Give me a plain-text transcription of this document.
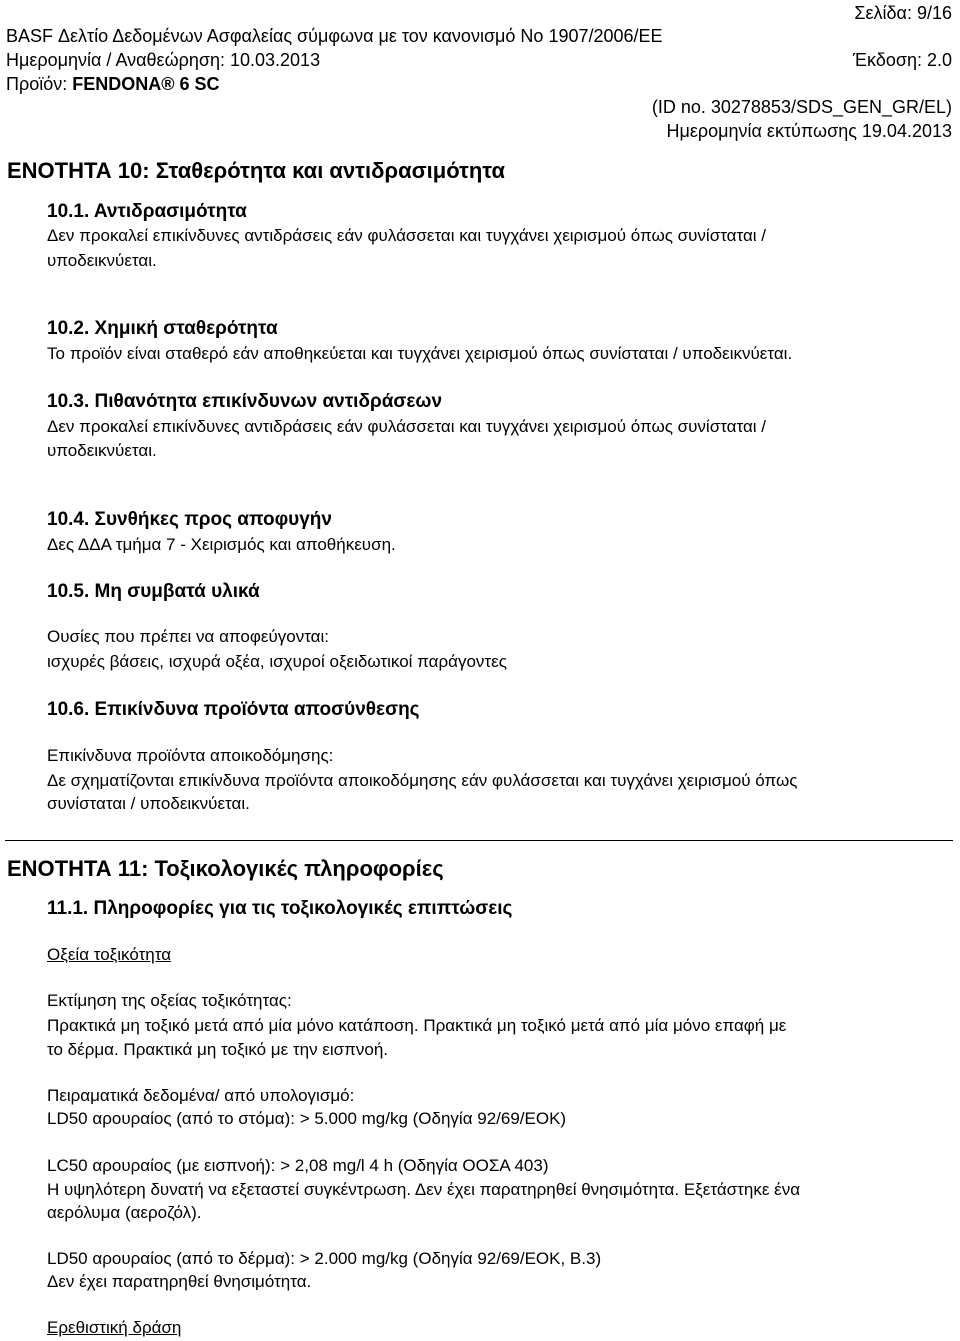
Σελίδα: 9/16
BASF Δελτίο Δεδομένων Ασφαλείας σύμφωνα με τον κανονισμό Νο 1907/2006/ΕΕ
Ημερομηνία / Αναθεώρηση: 10.03.2013	Έκδοση: 2.0
Προϊόν: FENDONA® 6 SC
(ID no. 30278853/SDS_GEN_GR/EL)
Ημερομηνία εκτύπωσης 19.04.2013
ΕΝΟΤΗΤΑ 10: Σταθερότητα και αντιδρασιμότητα
10.1. Αντιδρασιμότητα
Δεν προκαλεί επικίνδυνες αντιδράσεις εάν φυλάσσεται και τυγχάνει χειρισμού όπως συνίσταται /
υποδεικνύεται.
10.2. Χημική σταθερότητα
Το προϊόν είναι σταθερό εάν αποθηκεύεται και τυγχάνει χειρισμού όπως συνίσταται / υποδεικνύεται.
10.3. Πιθανότητα επικίνδυνων αντιδράσεων
Δεν προκαλεί επικίνδυνες αντιδράσεις εάν φυλάσσεται και τυγχάνει χειρισμού όπως συνίσταται /
υποδεικνύεται.
10.4. Συνθήκες προς αποφυγήν
Δες ΔΔΑ τμήμα 7 - Χειρισμός και αποθήκευση.
10.5. Μη συμβατά υλικά
Ουσίες που πρέπει να αποφεύγονται:
ισχυρές βάσεις, ισχυρά οξέα, ισχυροί οξειδωτικοί παράγοντες
10.6. Επικίνδυνα προϊόντα αποσύνθεσης
Επικίνδυνα προϊόντα αποικοδόμησης:
Δε σχηματίζονται επικίνδυνα προϊόντα αποικοδόμησης εάν φυλάσσεται και τυγχάνει χειρισμού όπως
συνίσταται / υποδεικνύεται.
ΕΝΟΤΗΤΑ 11: Τοξικολογικές πληροφορίες
11.1. Πληροφορίες για τις τοξικολογικές επιπτώσεις
Οξεία τοξικότητα
Εκτίμηση της οξείας τοξικότητας:
Πρακτικά μη τοξικό μετά από μία μόνο κατάποση. Πρακτικά μη τοξικό μετά από μία μόνο επαφή με
το δέρμα. Πρακτικά μη τοξικό με την εισπνοή.
Πειραματικά δεδομένα/ από υπολογισμό:
LD50 αρουραίος (από το στόμα): > 5.000 mg/kg (Οδηγία 92/69/ΕΟΚ)
LC50 αρουραίος (με εισπνοή): > 2,08 mg/l 4 h (Οδηγία ΟΟΣΑ 403)
Η υψηλότερη δυνατή να εξεταστεί συγκέντρωση. Δεν έχει παρατηρηθεί θνησιμότητα. Εξετάστηκε ένα
αερόλυμα (αεροζόλ).
LD50 αρουραίος (από το δέρμα): > 2.000 mg/kg (Οδηγία 92/69/ΕΟΚ, B.3)
Δεν έχει παρατηρηθεί θνησιμότητα.
Ερεθιστική δράση
